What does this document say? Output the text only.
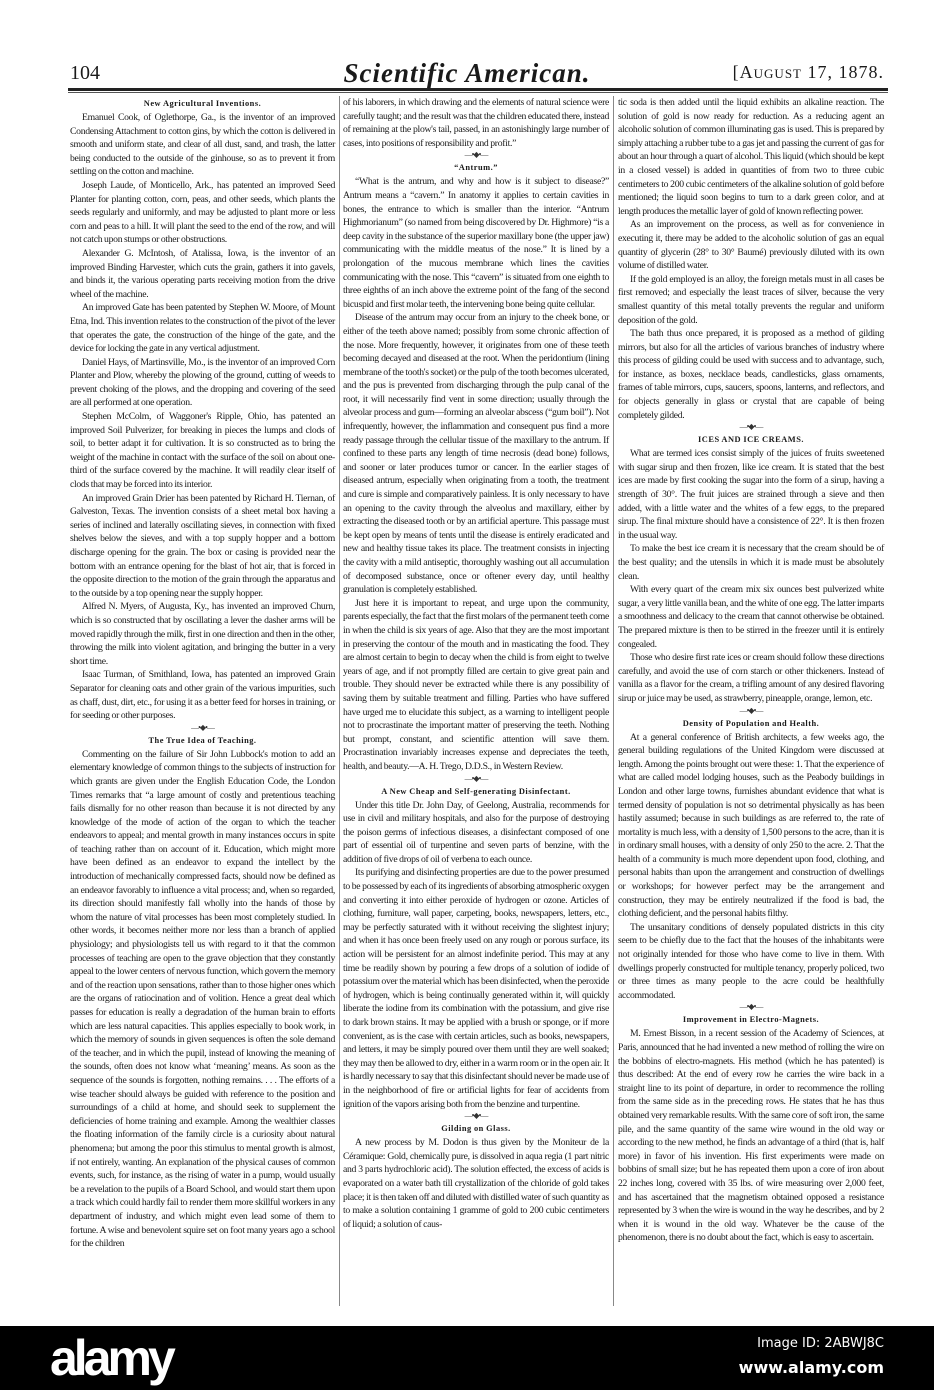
104	Scientific American.	[August 17, 1878.
New Agricultural Inventions.

Emanuel Cook, of Oglethorpe, Ga., is the inventor of an improved Condensing Attachment to cotton gins, by which the cotton is delivered in smooth and uniform state, and clear of all dust, sand, and trash, the latter being conducted to the outside of the ginhouse, so as to prevent it from settling on the cotton and machine.

Joseph Laude, of Monticello, Ark., has patented an improved Seed Planter for planting cotton, corn, peas, and other seeds, which plants the seeds regularly and uniformly, and may be adjusted to plant more or less corn and peas to a hill. It will plant the seed to the end of the row, and will not catch upon stumps or other obstructions.

Alexander G. McIntosh, of Atalissa, Iowa, is the inventor of an improved Binding Harvester, which cuts the grain, gathers it into gavels, and binds it, the various operating parts receiving motion from the drive wheel of the machine.

An improved Gate has been patented by Stephen W. Moore, of Mount Etna, Ind. This invention relates to the construction of the pivot of the lever that operates the gate, the construction of the hinge of the gate, and the device for locking the gate in any vertical adjustment.

Daniel Hays, of Martinsville, Mo., is the inventor of an improved Corn Planter and Plow, whereby the plowing of the ground, cutting of weeds to prevent choking of the plows, and the dropping and covering of the seed are all performed at one operation.

Stephen McColm, of Waggoner's Ripple, Ohio, has patented an improved Soil Pulverizer, for breaking in pieces the lumps and clods of soil, to better adapt it for cultivation. It is so constructed as to bring the weight of the machine in contact with the surface of the soil on about one-third of the surface covered by the machine. It will readily clear itself of clods that may be forced into its interior.

An improved Grain Drier has been patented by Richard H. Tiernan, of Galveston, Texas. The invention consists of a sheet metal box having a series of inclined and laterally oscillating sieves, in connection with fixed shelves below the sieves, and with a top supply hopper and a bottom discharge opening for the grain. The box or casing is provided near the bottom with an entrance opening for the blast of hot air, that is forced in the opposite direction to the motion of the grain through the apparatus and to the outside by a top opening near the supply hopper.

Alfred N. Myers, of Augusta, Ky., has invented an improved Churn, which is so constructed that by oscillating a lever the dasher arms will be moved rapidly through the milk, first in one direction and then in the other, throwing the milk into violent agitation, and bringing the butter in a very short time.

Isaac Turman, of Smithland, Iowa, has patented an improved Grain Separator for cleaning oats and other grain of the various impurities, such as chaff, dust, dirt, etc., for using it as a better feed for horses in training, or for seeding or other purposes.

—•◆•—
The True Idea of Teaching.

Commenting on the failure of Sir John Lubbock's motion to add an elementary knowledge of common things to the subjects of instruction for which grants are given under the English Education Code, the London Times remarks that “a large amount of costly and pretentious teaching fails dismally for no other reason than because it is not directed by any knowledge of the mode of action of the organ to which the teacher endeavors to appeal; and mental growth in many instances occurs in spite of teaching rather than on account of it. Education, which might more have been defined as an endeavor to expand the intellect by the introduction of mechanically compressed facts, should now be defined as an endeavor favorably to influence a vital process; and, when so regarded, its direction should manifestly fall wholly into the hands of those by whom the nature of vital processes has been most completely studied. In other words, it becomes neither more nor less than a branch of applied physiology; and physiologists tell us with regard to it that the common processes of teaching are open to the grave objection that they constantly appeal to the lower centers of nervous function, which govern the memory and of the reaction upon sensations, rather than to those higher ones which are the organs of ratiocination and of volition. Hence a great deal which passes for education is really a degradation of the human brain to efforts which are less natural capacities. This applies especially to book work, in which the memory of sounds in given sequences is often the sole demand of the teacher, and in which the pupil, instead of knowing the meaning of the sounds, often does not know what ‘meaning’ means. As soon as the sequence of the sounds is forgotten, nothing remains. . . . The efforts of a wise teacher should always be guided with reference to the position and surroundings of a child at home, and should seek to supplement the deficiencies of home training and example. Among the wealthier classes the floating information of the family circle is a curiosity about natural phenomena; but among the poor this stimulus to mental growth is almost, if not entirely, wanting. An explanation of the physical causes of common events, such, for instance, as the rising of water in a pump, would usually be a revelation to the pupils of a Board School, and would start them upon a track which could hardly fail to render them more skillful workers in any department of industry, and which might even lead some of them to fortune. A wise and benevolent squire set on foot many years ago a school for the children

of his laborers, in which drawing and the elements of natural science were carefully taught; and the result was that the children educated there, instead of remaining at the plow's tail, passed, in an astonishingly large number of cases, into positions of responsibility and profit.”

—•◆•—
“Antrum.”

“What is the antrum, and why and how is it subject to disease?” Antrum means a “cavern.” In anatomy it applies to certain cavities in bones, the entrance to which is smaller than the interior. “Antrum Highmorianum” (so named from being discovered by Dr. Highmore) “is a deep cavity in the substance of the superior maxillary bone (the upper jaw) communicating with the middle meatus of the nose.” It is lined by a prolongation of the mucous membrane which lines the cavities communicating with the nose. This “cavern” is situated from one eighth to three eighths of an inch above the extreme point of the fang of the second bicuspid and first molar teeth, the intervening bone being quite cellular.

Disease of the antrum may occur from an injury to the cheek bone, or either of the teeth above named; possibly from some chronic affection of the nose. More frequently, however, it originates from one of these teeth becoming decayed and diseased at the root. When the peridontium (lining membrane of the tooth's socket) or the pulp of the tooth becomes ulcerated, and the pus is prevented from discharging through the pulp canal of the root, it will necessarily find vent in some direction; usually through the alveolar process and gum—forming an alveolar abscess (“gum boil”). Not infrequently, however, the inflammation and consequent pus find a more ready passage through the cellular tissue of the maxillary to the antrum. If confined to these parts any length of time necrosis (dead bone) follows, and sooner or later produces tumor or cancer. In the earlier stages of diseased antrum, especially when originating from a tooth, the treatment and cure is simple and comparatively painless. It is only necessary to have an opening to the cavity through the alveolus and maxillary, either by extracting the diseased tooth or by an artificial aperture. This passage must be kept open by means of tents until the disease is entirely eradicated and new and healthy tissue takes its place. The treatment consists in injecting the cavity with a mild antiseptic, thoroughly washing out all accumulation of decomposed substance, once or oftener every day, until healthy granulation is completely established.

Just here it is important to repeat, and urge upon the community, parents especially, the fact that the first molars of the permanent teeth come in when the child is six years of age. Also that they are the most important in preserving the contour of the mouth and in masticating the food. They are almost certain to begin to decay when the child is from eight to twelve years of age, and if not promptly filled are certain to give great pain and trouble. They should never be extracted while there is any possibility of saving them by suitable treatment and filling. Parties who have suffered have urged me to elucidate this subject, as a warning to intelligent people not to procrastinate the important matter of preserving the teeth. Nothing but prompt, constant, and scientific attention will save them. Procrastination invariably increases expense and depreciates the teeth, health, and beauty.—A. H. Trego, D.D.S., in Western Review.

—•◆•—
A New Cheap and Self-generating Disinfectant.

Under this title Dr. John Day, of Geelong, Australia, recommends for use in civil and military hospitals, and also for the purpose of destroying the poison germs of infectious diseases, a disinfectant composed of one part of essential oil of turpentine and seven parts of benzine, with the addition of five drops of oil of verbena to each ounce.

Its purifying and disinfecting properties are due to the power presumed to be possessed by each of its ingredients of absorbing atmospheric oxygen and converting it into either peroxide of hydrogen or ozone. Articles of clothing, furniture, wall paper, carpeting, books, newspapers, letters, etc., may be perfectly saturated with it without receiving the slightest injury; and when it has once been freely used on any rough or porous surface, its action will be persistent for an almost indefinite period. This may at any time be readily shown by pouring a few drops of a solution of iodide of potassium over the material which has been disinfected, when the peroxide of hydrogen, which is being continually generated within it, will quickly liberate the iodine from its combination with the potassium, and give rise to dark brown stains. It may be applied with a brush or sponge, or if more convenient, as is the case with certain articles, such as books, newspapers, and letters, it may be simply poured over them until they are well soaked; they may then be allowed to dry, either in a warm room or in the open air. It is hardly necessary to say that this disinfectant should never be made use of in the neighborhood of fire or artificial lights for fear of accidents from ignition of the vapors arising both from the benzine and turpentine.

—•◆•—
Gilding on Glass.

A new process by M. Dodon is thus given by the Moniteur de la Céramique: Gold, chemically pure, is dissolved in aqua regia (1 part nitric and 3 parts hydrochloric acid). The solution effected, the excess of acids is evaporated on a water bath till crystallization of the chloride of gold takes place; it is then taken off and diluted with distilled water of such quantity as to make a solution containing 1 gramme of gold to 200 cubic centimeters of liquid; a solution of caus-

tic soda is then added until the liquid exhibits an alkaline reaction. The solution of gold is now ready for reduction. As a reducing agent an alcoholic solution of common illuminating gas is used. This is prepared by simply attaching a rubber tube to a gas jet and passing the current of gas for about an hour through a quart of alcohol. This liquid (which should be kept in a closed vessel) is added in quantities of from two to three cubic centimeters to 200 cubic centimeters of the alkaline solution of gold before mentioned; the liquid soon begins to turn to a dark green color, and at length produces the metallic layer of gold of known reflecting power.

As an improvement on the process, as well as for convenience in executing it, there may be added to the alcoholic solution of gas an equal quantity of glycerin (28° to 30° Baumé) previously diluted with its own volume of distilled water.

If the gold employed is an alloy, the foreign metals must in all cases be first removed; and especially the least traces of silver, because the very smallest quantity of this metal totally prevents the regular and uniform deposition of the gold.

The bath thus once prepared, it is proposed as a method of gilding mirrors, but also for all the articles of various branches of industry where this process of gilding could be used with success and to advantage, such, for instance, as boxes, necklace beads, candlesticks, glass ornaments, frames of table mirrors, cups, saucers, spoons, lanterns, and reflectors, and for objects generally in glass or crystal that are capable of being completely gilded.

—•◆•—
ICES AND ICE CREAMS.

What are termed ices consist simply of the juices of fruits sweetened with sugar sirup and then frozen, like ice cream. It is stated that the best ices are made by first cooking the sugar into the form of a sirup, having a strength of 30°. The fruit juices are strained through a sieve and then added, with a little water and the whites of a few eggs, to the prepared sirup. The final mixture should have a consistence of 22°. It is then frozen in the usual way.

To make the best ice cream it is necessary that the cream should be of the best quality; and the utensils in which it is made must be absolutely clean.

With every quart of the cream mix six ounces best pulverized white sugar, a very little vanilla bean, and the white of one egg. The latter imparts a smoothness and delicacy to the cream that cannot otherwise be obtained. The prepared mixture is then to be stirred in the freezer until it is entirely congealed.

Those who desire first rate ices or cream should follow these directions carefully, and avoid the use of corn starch or other thickeners. Instead of vanilla as a flavor for the cream, a trifling amount of any desired flavoring sirup or juice may be used, as strawberry, pineapple, orange, lemon, etc.

—•◆•—
Density of Population and Health.

At a general conference of British architects, a few weeks ago, the general building regulations of the United Kingdom were discussed at length. Among the points brought out were these: 1. That the experience of what are called model lodging houses, such as the Peabody buildings in London and other large towns, furnishes abundant evidence that what is termed density of population is not so detrimental physically as has been hastily assumed; because in such buildings as are referred to, the rate of mortality is much less, with a density of 1,500 persons to the acre, than it is in ordinary small houses, with a density of only 250 to the acre. 2. That the health of a community is much more dependent upon food, clothing, and personal habits than upon the arrangement and construction of dwellings or workshops; for however perfect may be the arrangement and construction, they may be entirely neutralized if the food is bad, the clothing deficient, and the personal habits filthy.

The unsanitary conditions of densely populated districts in this city seem to be chiefly due to the fact that the houses of the inhabitants were not originally intended for those who have come to live in them. With dwellings properly constructed for multiple tenancy, properly policed, two or three times as many people to the acre could be healthfully accommodated.

—•◆•—
Improvement in Electro-Magnets.

M. Ernest Bisson, in a recent session of the Academy of Sciences, at Paris, announced that he had invented a new method of rolling the wire on the bobbins of electro-magnets. His method (which he has patented) is thus described: At the end of every row he carries the wire back in a straight line to its point of departure, in order to recommence the rolling from the same side as in the preceding rows. He states that he has thus obtained very remarkable results. With the same core of soft iron, the same pile, and the same quantity of the same wire wound in the old way or according to the new method, he finds an advantage of a third (that is, half more) in favor of his invention. His first experiments were made on bobbins of small size; but he has repeated them upon a core of iron about 22 inches long, covered with 35 lbs. of wire measuring over 2,000 feet, and has ascertained that the magnetism obtained opposed a resistance represented by 3 when the wire is wound in the way he describes, and by 2 when it is wound in the old way. Whatever be the cause of the phenomenon, there is no doubt about the fact, which is easy to ascertain.

alamy	Image ID: 2ABWJ8C
www.alamy.com
